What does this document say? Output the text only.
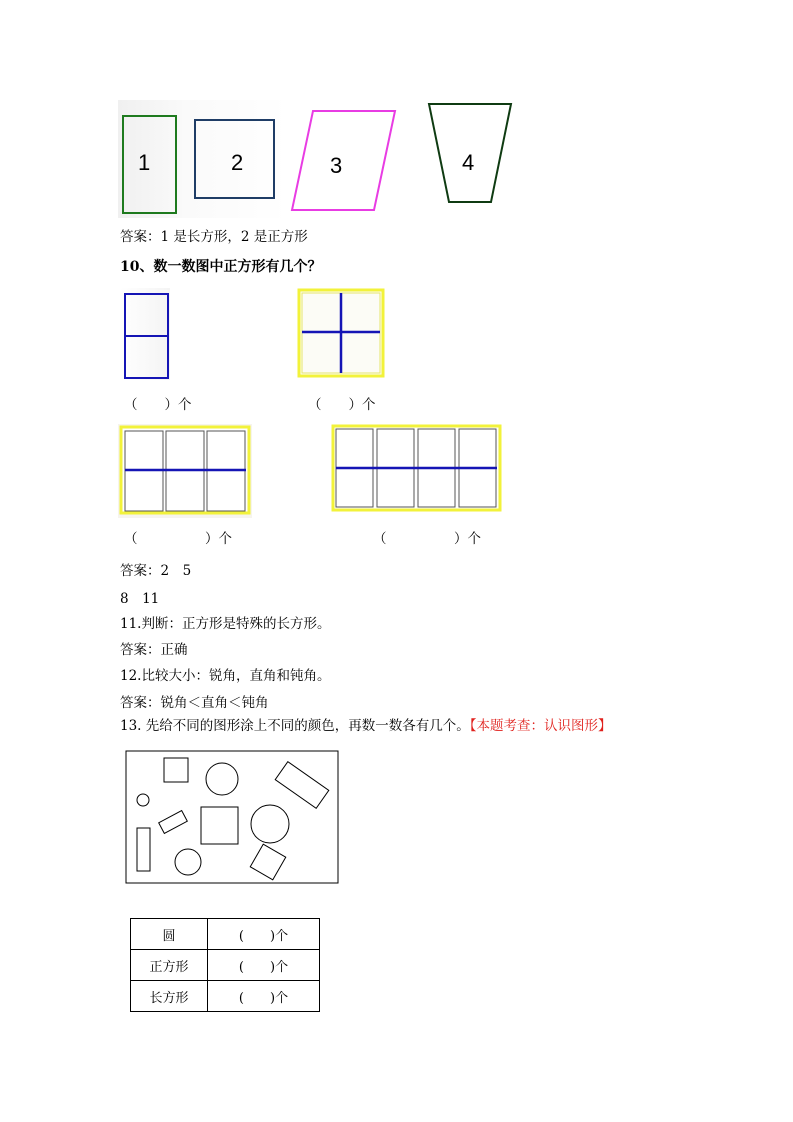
1	2	3	4
答案：1 是长方形，2 是正方形
10、数一数图中正方形有几个？
（　　）个	（　　）个
（　　　　　）个	（　　　　　）个
答案：2　5
8　11
11.判断：正方形是特殊的长方形。
答案：正确
12.比较大小：锐角，直角和钝角。
答案：锐角＜直角＜钝角
13. 先给不同的图形涂上不同的颜色，再数一数各有几个。【本题考查：认识图形】
圆	(　　)个
正方形	(　　)个
长方形	(　　)个
